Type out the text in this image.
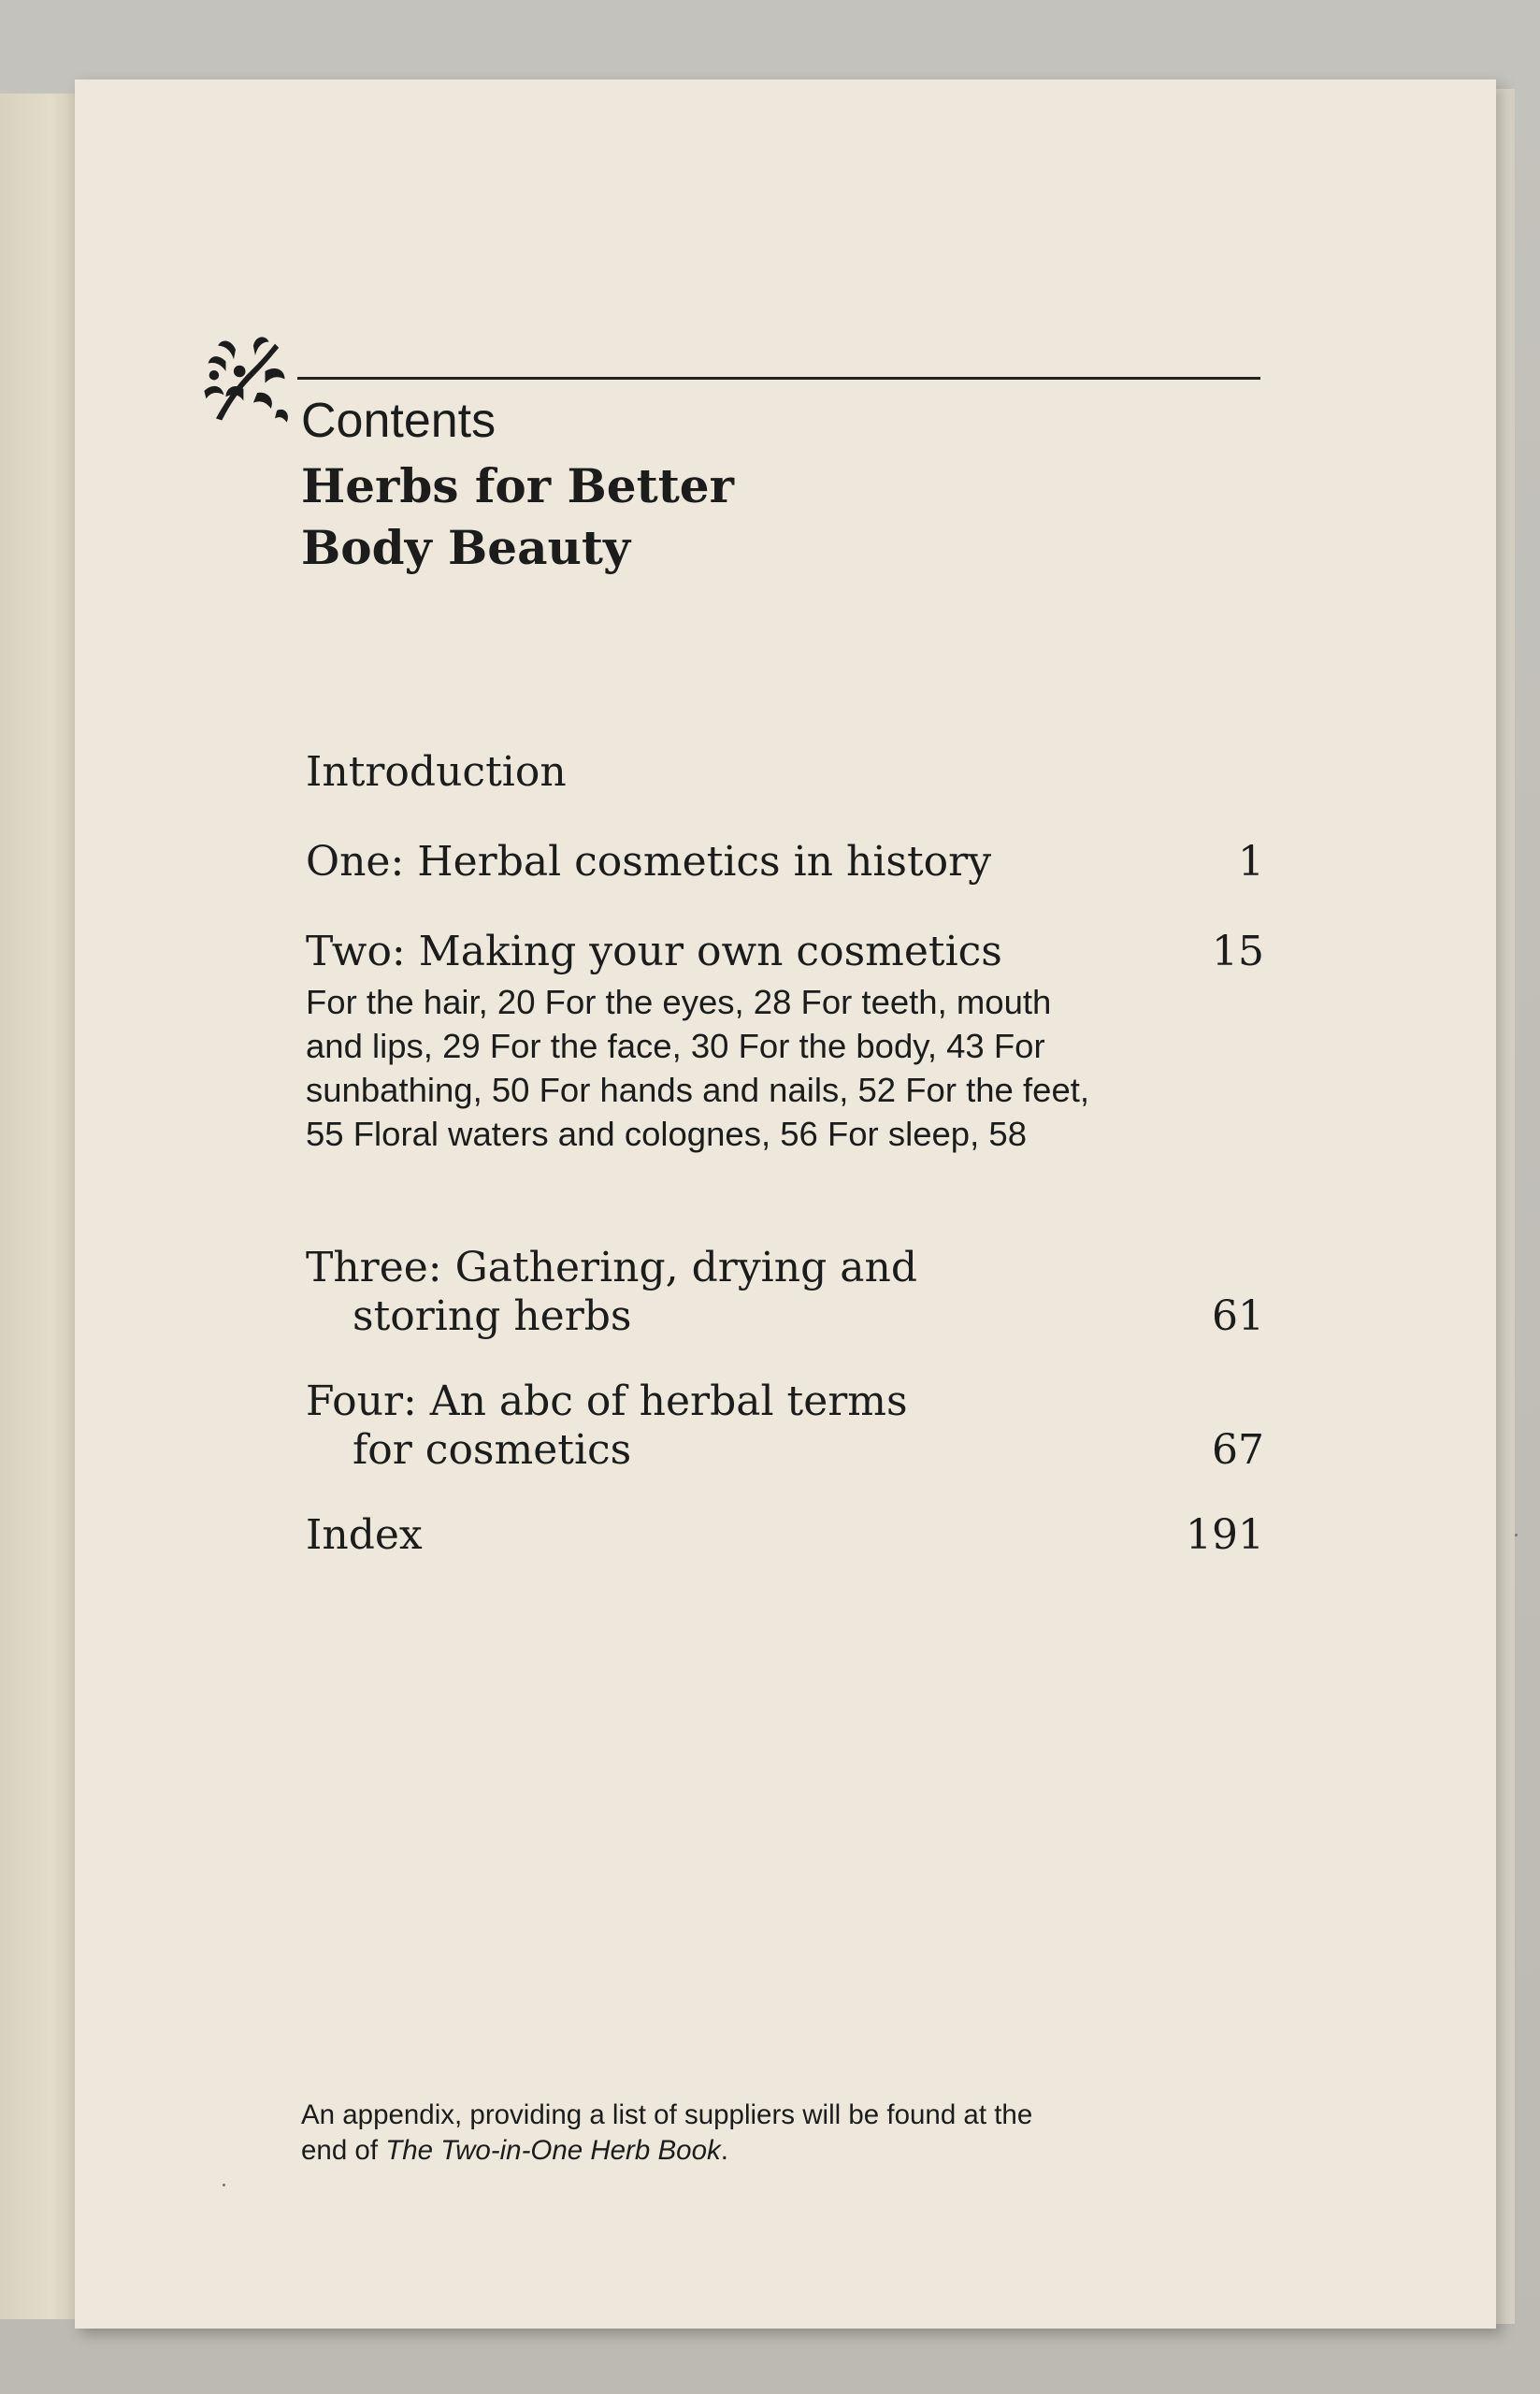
Contents
Herbs for Better
Body Beauty
Introduction
One: Herbal cosmetics in history	1
Two: Making your own cosmetics	15
For the hair, 20 For the eyes, 28 For teeth, mouth and lips, 29 For the face, 30 For the body, 43 For sunbathing, 50 For hands and nails, 52 For the feet, 55 Floral waters and colognes, 56 For sleep, 58
Three: Gathering, drying and
storing herbs	61
Four: An abc of herbal terms
for cosmetics	67
Index	191

An appendix, providing a list of suppliers will be found at the end of The Two-in-One Herb Book.
